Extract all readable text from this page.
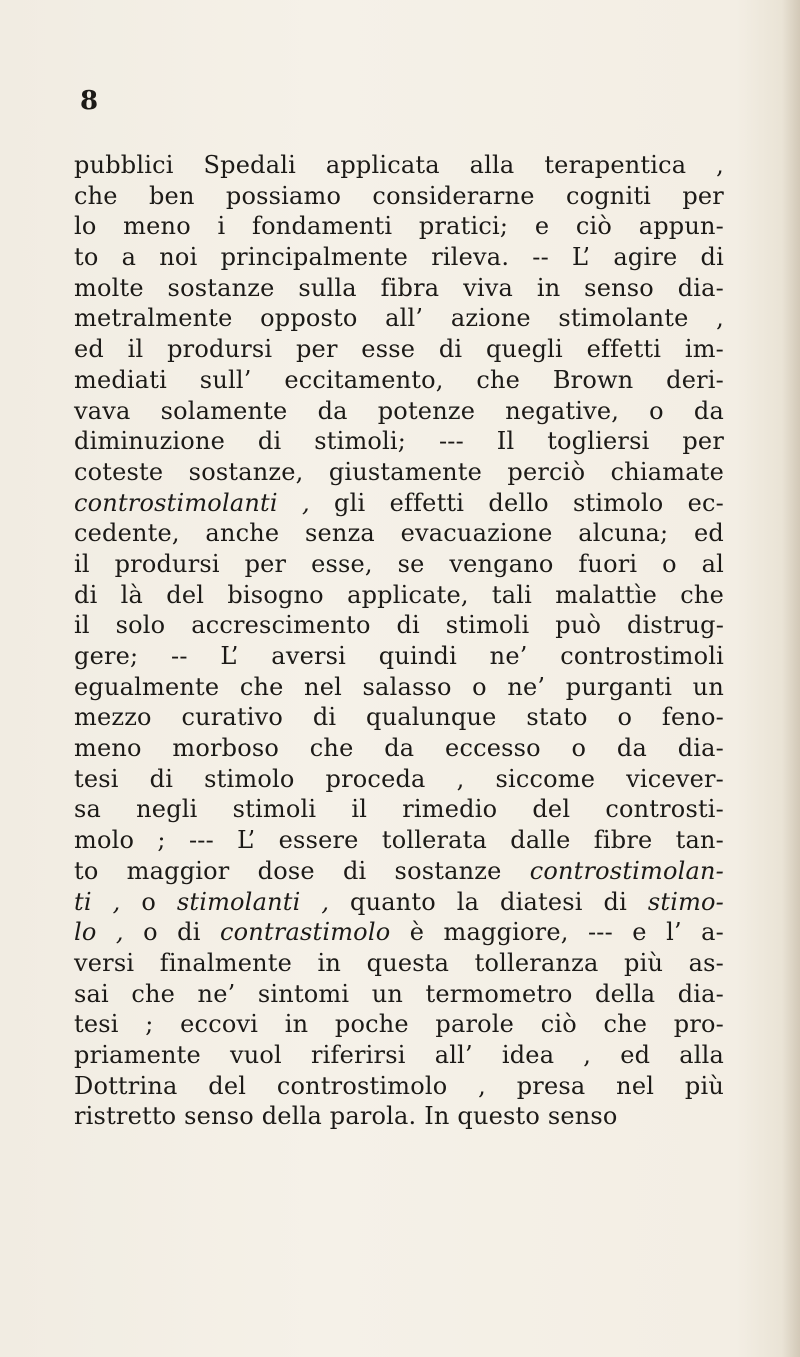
8
pubblici Spedali applicata alla terapentica ,
che ben possiamo considerarne cogniti per
lo meno i fondamenti pratici; e ciò appun-
to a noi principalmente rileva. -- L’ agire di
molte sostanze sulla fibra viva in senso dia-
metralmente opposto all’ azione stimolante ,
ed il prodursi per esse di quegli effetti im-
mediati sull’ eccitamento, che Brown deri-
vava solamente da potenze negative, o da
diminuzione di stimoli; --- Il togliersi per
coteste sostanze, giustamente perciò chiamate
controstimolanti , gli effetti dello stimolo ec-
cedente, anche senza evacuazione alcuna; ed
il prodursi per esse, se vengano fuori o al
di là del bisogno applicate, tali malattìe che
il solo accrescimento di stimoli può distrug-
gere; -- L’ aversi quindi ne’ controstimoli
egualmente che nel salasso o ne’ purganti un
mezzo curativo di qualunque stato o feno-
meno morboso che da eccesso o da dia-
tesi di stimolo proceda , siccome vicever-
sa negli stimoli il rimedio del controsti-
molo ; --- L’ essere tollerata dalle fibre tan-
to maggior dose di sostanze controstimolan-
ti , o stimolanti , quanto la diatesi di stimo-
lo , o di contrastimolo è maggiore, --- e l’ a-
versi finalmente in questa tolleranza più as-
sai che ne’ sintomi un termometro della dia-
tesi ; eccovi in poche parole ciò che pro-
priamente vuol riferirsi all’ idea , ed alla
Dottrina del controstimolo , presa nel più
ristretto senso della parola. In questo senso
